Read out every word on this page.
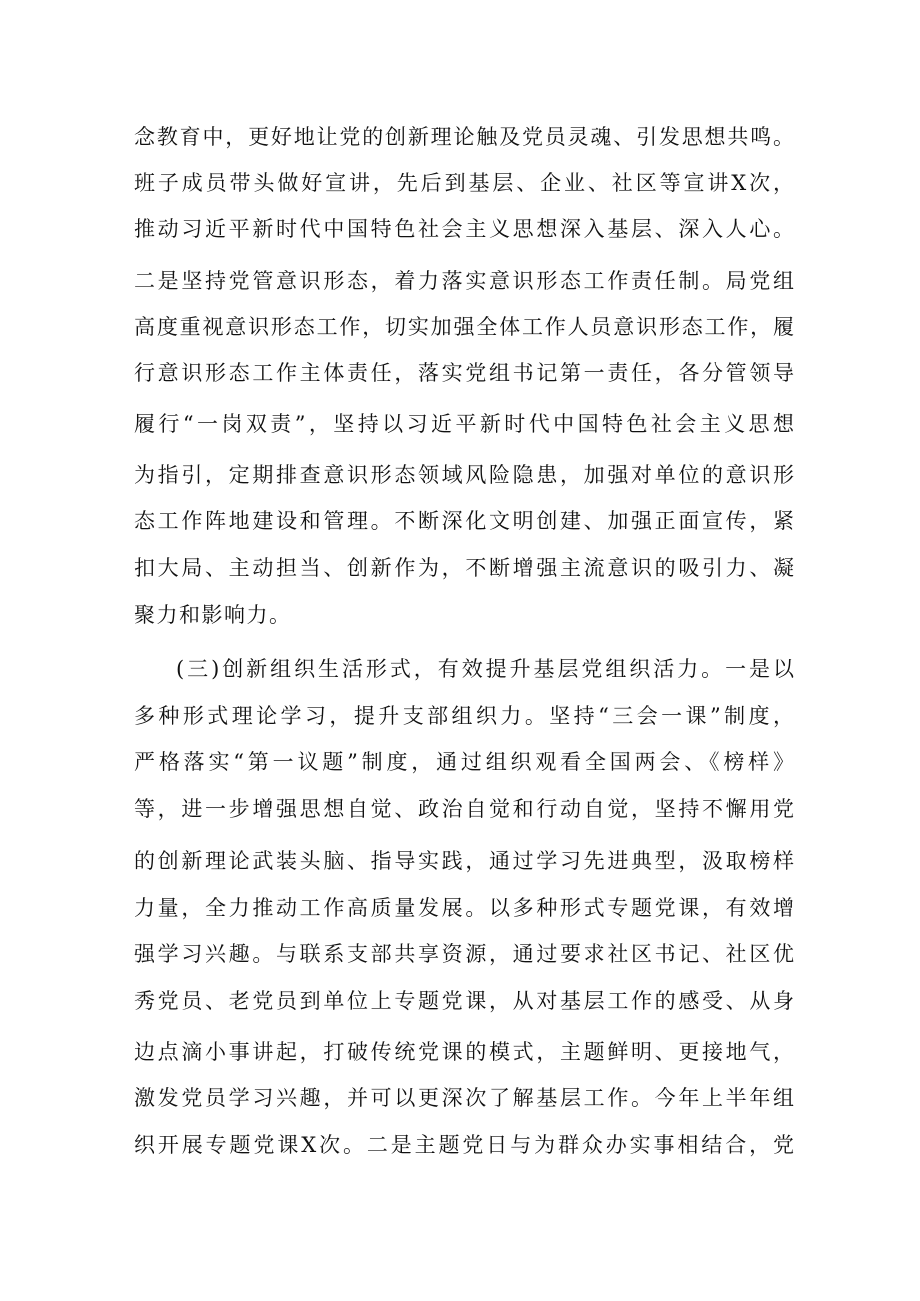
念教育中，更好地让党的创新理论触及党员灵魂、引发思想共鸣。
班子成员带头做好宣讲，先后到基层、企业、社区等宣讲X次，
推动习近平新时代中国特色社会主义思想深入基层、深入人心。
二是坚持党管意识形态，着力落实意识形态工作责任制。局党组
高度重视意识形态工作，切实加强全体工作人员意识形态工作，履
行意识形态工作主体责任，落实党组书记第一责任，各分管领导
履行“一岗双责”，坚持以习近平新时代中国特色社会主义思想
为指引，定期排查意识形态领域风险隐患，加强对单位的意识形
态工作阵地建设和管理。不断深化文明创建、加强正面宣传，紧
扣大局、主动担当、创新作为，不断增强主流意识的吸引力、凝
聚力和影响力。
(三)创新组织生活形式，有效提升基层党组织活力。一是以
多种形式理论学习，提升支部组织力。坚持“三会一课”制度，
严格落实“第一议题”制度，通过组织观看全国两会、《榜样》
等，进一步增强思想自觉、政治自觉和行动自觉，坚持不懈用党
的创新理论武装头脑、指导实践，通过学习先进典型，汲取榜样
力量，全力推动工作高质量发展。以多种形式专题党课，有效增
强学习兴趣。与联系支部共享资源，通过要求社区书记、社区优
秀党员、老党员到单位上专题党课，从对基层工作的感受、从身
边点滴小事讲起，打破传统党课的模式，主题鲜明、更接地气，
激发党员学习兴趣，并可以更深次了解基层工作。今年上半年组
织开展专题党课X次。二是主题党日与为群众办实事相结合，党
